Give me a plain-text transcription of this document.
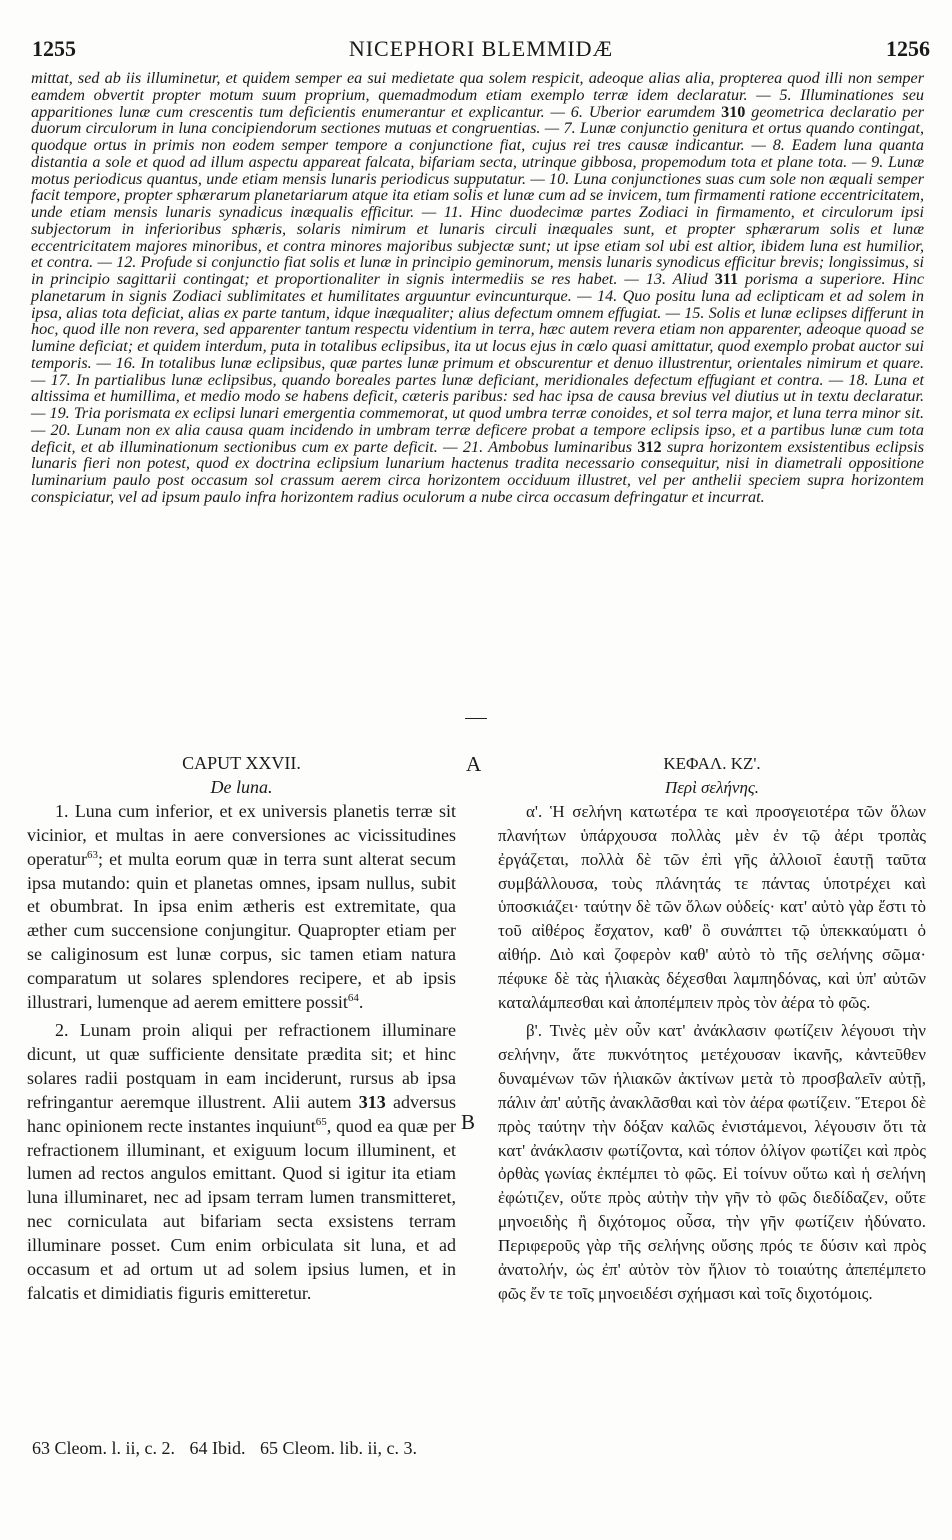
1255	NICEPHORI BLEMMIDÆ	1256
mittat, sed ab iis illuminetur, et quidem semper ea sui medietate qua solem respicit, adeoque alias alia, propterea quod illi non semper eamdem obvertit propter motum suum proprium, quemadmodum etiam exemplo terræ idem declaratur. — 5. Illuminationes seu apparitiones lunæ cum crescentis tum deficientis enumerantur et explicantur. — 6. Uberior earumdem 310 geometrica declaratio per duorum circulorum in luna concipiendorum sectiones mutuas et congruentias. — 7. Lunæ conjunctio genitura et ortus quando contingat, quodque ortus in primis non eodem semper tempore a conjunctione fiat, cujus rei tres causæ indicantur. — 8. Eadem luna quanta distantia a sole et quod ad illum aspectu appareat falcata, bifariam secta, utrinque gibbosa, propemodum tota et plane tota. — 9. Lunæ motus periodicus quantus, unde etiam mensis lunaris periodicus supputatur. — 10. Luna conjunctiones suas cum sole non æquali semper facit tempore, propter sphærarum planetariarum atque ita etiam solis et lunæ cum ad se invicem, tum firmamenti ratione eccentricitatem, unde etiam mensis lunaris synadicus inæqualis efficitur. — 11. Hinc duodecimæ partes Zodiaci in firmamento, et circulorum ipsi subjectorum in inferioribus sphæris, solaris nimirum et lunaris circuli inæquales sunt, et propter sphærarum solis et lunæ eccentricitatem majores minoribus, et contra minores majoribus subjectæ sunt; ut ipse etiam sol ubi est altior, ibidem luna est humilior, et contra. — 12. Profude si conjunctio fiat solis et lunæ in principio geminorum, mensis lunaris synodicus efficitur brevis; longissimus, si in principio sagittarii contingat; et proportionaliter in signis intermediis se res habet. — 13. Aliud 311 porisma a superiore. Hinc planetarum in signis Zodiaci sublimitates et humilitates arguuntur evincunturque. — 14. Quo positu luna ad eclipticam et ad solem in ipsa, alias tota deficiat, alias ex parte tantum, idque inæqualiter; alius defectum omnem effugiat. — 15. Solis et lunæ eclipses differunt in hoc, quod ille non revera, sed apparenter tantum respectu videntium in terra, hæc autem revera etiam non apparenter, adeoque quoad se lumine deficiat; et quidem interdum, puta in totalibus eclipsibus, ita ut locus ejus in cœlo quasi amittatur, quod exemplo probat auctor sui temporis. — 16. In totalibus lunæ eclipsibus, quæ partes lunæ primum et obscurentur et denuo illustrentur, orientales nimirum et quare. — 17. In partialibus lunæ eclipsibus, quando boreales partes lunæ deficiant, meridionales defectum effugiant et contra. — 18. Luna et altissima et humillima, et medio modo se habens deficit, cæteris paribus: sed hac ipsa de causa brevius vel diutius ut in textu declaratur. — 19. Tria porismata ex eclipsi lunari emergentia commemorat, ut quod umbra terræ conoides, et sol terra major, et luna terra minor sit. — 20. Lunam non ex alia causa quam incidendo in umbram terræ deficere probat a tempore eclipsis ipso, et a partibus lunæ cum tota deficit, et ab illuminationum sectionibus cum ex parte deficit. — 21. Ambobus luminaribus 312 supra horizontem exsistentibus eclipsis lunaris fieri non potest, quod ex doctrina eclipsium lunarium hactenus tradita necessario consequitur, nisi in diametrali oppositione luminarium paulo post occasum sol crassum aerem circa horizontem occiduum illustret, vel per anthelii speciem supra horizontem conspiciatur, vel ad ipsum paulo infra horizontem radius oculorum a nube circa occasum defringatur et incurrat.
CAPUT XXVII.
De luna.

1. Luna cum inferior, et ex universis planetis terræ sit vicinior, et multas in aere conversiones ac vicissitudines operatur$^{63}$; et multa eorum quæ in terra sunt alterat secum ipsa mutando: quin et planetas omnes, ipsam nullus, subit et obumbrat. In ipsa enim ætheris est extremitate, qua æther cum succensione conjungitur. Quapropter etiam per se caliginosum est lunæ corpus, sic tamen etiam natura comparatum ut solares splendores recipere, et ab ipsis illustrari, lumenque ad aerem emittere possit$^{64}$.

2. Lunam proin aliqui per refractionem illuminare dicunt, ut quæ sufficiente densitate prædita sit; et hinc solares radii postquam in eam inciderunt, rursus ab ipsa refringantur aeremque illustrent. Alii autem 313 adversus hanc opinionem recte instantes inquiunt$^{65}$, quod ea quæ per refractionem illuminant, et exiguum locum illuminent, et lumen ad rectos angulos emittant. Quod si igitur ita etiam luna illuminaret, nec ad ipsam terram lumen transmitteret, nec corniculata aut bifariam secta exsistens terram illuminare posset. Cum enim orbiculata sit luna, et ad occasum et ad ortum ut ad solem ipsius lumen, et in falcatis et dimidiatis figuris emitteretur.

A
B
ΚΕΦΑΛ. ΚΖ'.
Περὶ σελήνης.

α'. Ἡ σελήνη κατωτέρα τε καὶ προσγειοτέρα τῶν ὅλων πλανήτων ὑπάρχουσα πολλὰς μὲν ἐν τῷ ἀέρι τροπὰς ἐργάζεται, πολλὰ δὲ τῶν ἐπὶ γῆς ἀλλοιοῖ ἑαυτῇ ταῦτα συμβάλλουσα, τοὺς πλάνητάς τε πάντας ὑποτρέχει καὶ ὑποσκιάζει· ταύτην δὲ τῶν ὅλων οὐδείς· κατ' αὐτὸ γὰρ ἔστι τὸ τοῦ αἰθέρος ἔσχατον, καθ' ὃ συνάπτει τῷ ὑπεκκαύματι ὁ αἰθήρ. Διὸ καὶ ζοφερὸν καθ' αὐτὸ τὸ τῆς σελήνης σῶμα· πέφυκε δὲ τὰς ἡλιακὰς δέχεσθαι λαμπηδόνας, καὶ ὑπ' αὐτῶν καταλάμπεσθαι καὶ ἀποπέμπειν πρὸς τὸν ἀέρα τὸ φῶς.

β'. Τινὲς μὲν οὖν κατ' ἀνάκλασιν φωτίζειν λέγουσι τὴν σελήνην, ἅτε πυκνότητος μετέχουσαν ἱκανῆς, κἀντεῦθεν δυναμένων τῶν ἡλιακῶν ἀκτίνων μετὰ τὸ προσβαλεῖν αὐτῇ, πάλιν ἀπ' αὐτῆς ἀνακλᾶσθαι καὶ τὸν ἀέρα φωτίζειν. Ἕτεροι δὲ πρὸς ταύτην τὴν δόξαν καλῶς ἐνιστάμενοι, λέγουσιν ὅτι τὰ κατ' ἀνάκλασιν φωτίζοντα, καὶ τόπον ὀλίγον φωτίζει καὶ πρὸς ὀρθὰς γωνίας ἐκπέμπει τὸ φῶς. Εἰ τοίνυν οὕτω καὶ ἡ σελήνη ἐφώτιζεν, οὔτε πρὸς αὐτὴν τὴν γῆν τὸ φῶς διεδίδαζεν, οὔτε μηνοειδὴς ἢ διχότομος οὖσα, τὴν γῆν φωτίζειν ἠδύνατο. Περιφεροῦς γὰρ τῆς σελήνης οὔσης πρός τε δύσιν καὶ πρὸς ἀνατολήν, ὡς ἐπ' αὐτὸν τὸν ἥλιον τὸ τοιαύτης ἀπεπέμπετο φῶς ἔν τε τοῖς μηνοειδέσι σχήμασι καὶ τοῖς διχοτόμοις.

63 Cleom. l. ii, c. 2. 64 Ibid. 65 Cleom. lib. ii, c. 3.
